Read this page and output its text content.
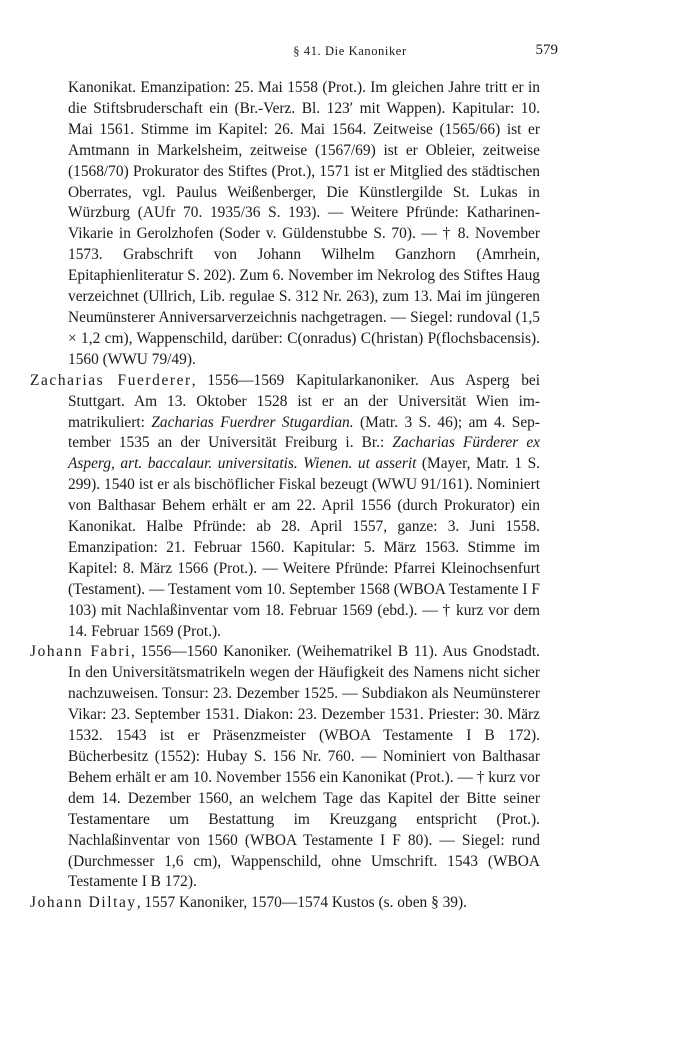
§ 41. Die Kanoniker	579

Kanonikat. Emanzipation: 25. Mai 1558 (Prot.). Im gleichen Jahre tritt er in die Stiftsbruderschaft ein (Br.-Verz. Bl. 123′ mit Wappen). Kapitular: 10. Mai 1561. Stimme im Kapitel: 26. Mai 1564. Zeitweise (1565/66) ist er Amtmann in Markelsheim, zeitweise (1567/69) ist er Obleier, zeitweise (1568/70) Prokurator des Stiftes (Prot.), 1571 ist er Mitglied des städtischen Oberrates, vgl. Paulus Weißenberger, Die Künstlergilde St. Lukas in Würzburg (AUfr 70. 1935/36 S. 193). — Weitere Pfründe: Katharinen-Vikarie in Gerolzhofen (Soder v. Güldenstubbe S. 70). — † 8. November 1573. Grabschrift von Johann Wilhelm Ganzhorn (Amrhein, Epitaphienliteratur S. 202). Zum 6. November im Nekrolog des Stiftes Haug verzeichnet (Ullrich, Lib. regulae S. 312 Nr. 263), zum 13. Mai im jüngeren Neumünsterer Anniversarverzeichnis nachgetragen. — Siegel: rundoval (1,5 × 1,2 cm), Wappenschild, darüber: C(onradus) C(hristan) P(flochsbacensis). 1560 (WWU 79/49).

Zacharias Fuerderer, 1556—1569 Kapitularkanoniker. Aus Asperg bei Stuttgart. Am 13. Oktober 1528 ist er an der Universität Wien immatrikuliert: Zacharias Fuerdrer Stugardian. (Matr. 3 S. 46); am 4. September 1535 an der Universität Freiburg i. Br.: Zacharias Fürderer ex Asperg, art. baccalaur. universitatis. Wienen. ut asserit (Mayer, Matr. 1 S. 299). 1540 ist er als bischöflicher Fiskal bezeugt (WWU 91/161). Nominiert von Balthasar Behem erhält er am 22. April 1556 (durch Prokurator) ein Kanonikat. Halbe Pfründe: ab 28. April 1557, ganze: 3. Juni 1558. Emanzipation: 21. Februar 1560. Kapitular: 5. März 1563. Stimme im Kapitel: 8. März 1566 (Prot.). — Weitere Pfründe: Pfarrei Kleinochsenfurt (Testament). — Testament vom 10. September 1568 (WBOA Testamente I F 103) mit Nachlaßinventar vom 18. Februar 1569 (ebd.). — † kurz vor dem 14. Februar 1569 (Prot.).

Johann Fabri, 1556—1560 Kanoniker. (Weihematrikel B 11). Aus Gnodstadt. In den Universitätsmatrikeln wegen der Häufigkeit des Namens nicht sicher nachzuweisen. Tonsur: 23. Dezember 1525. — Subdiakon als Neumünsterer Vikar: 23. September 1531. Diakon: 23. Dezember 1531. Priester: 30. März 1532. 1543 ist er Präsenzmeister (WBOA Testamente I B 172). Bücherbesitz (1552): Hubay S. 156 Nr. 760. — Nominiert von Balthasar Behem erhält er am 10. November 1556 ein Kanonikat (Prot.). — † kurz vor dem 14. Dezember 1560, an welchem Tage das Kapitel der Bitte seiner Testamentare um Bestattung im Kreuzgang entspricht (Prot.). Nachlaßinventar von 1560 (WBOA Testamente I F 80). — Siegel: rund (Durchmesser 1,6 cm), Wappenschild, ohne Umschrift. 1543 (WBOA Testamente I B 172).

Johann Diltay, 1557 Kanoniker, 1570—1574 Kustos (s. oben § 39).
